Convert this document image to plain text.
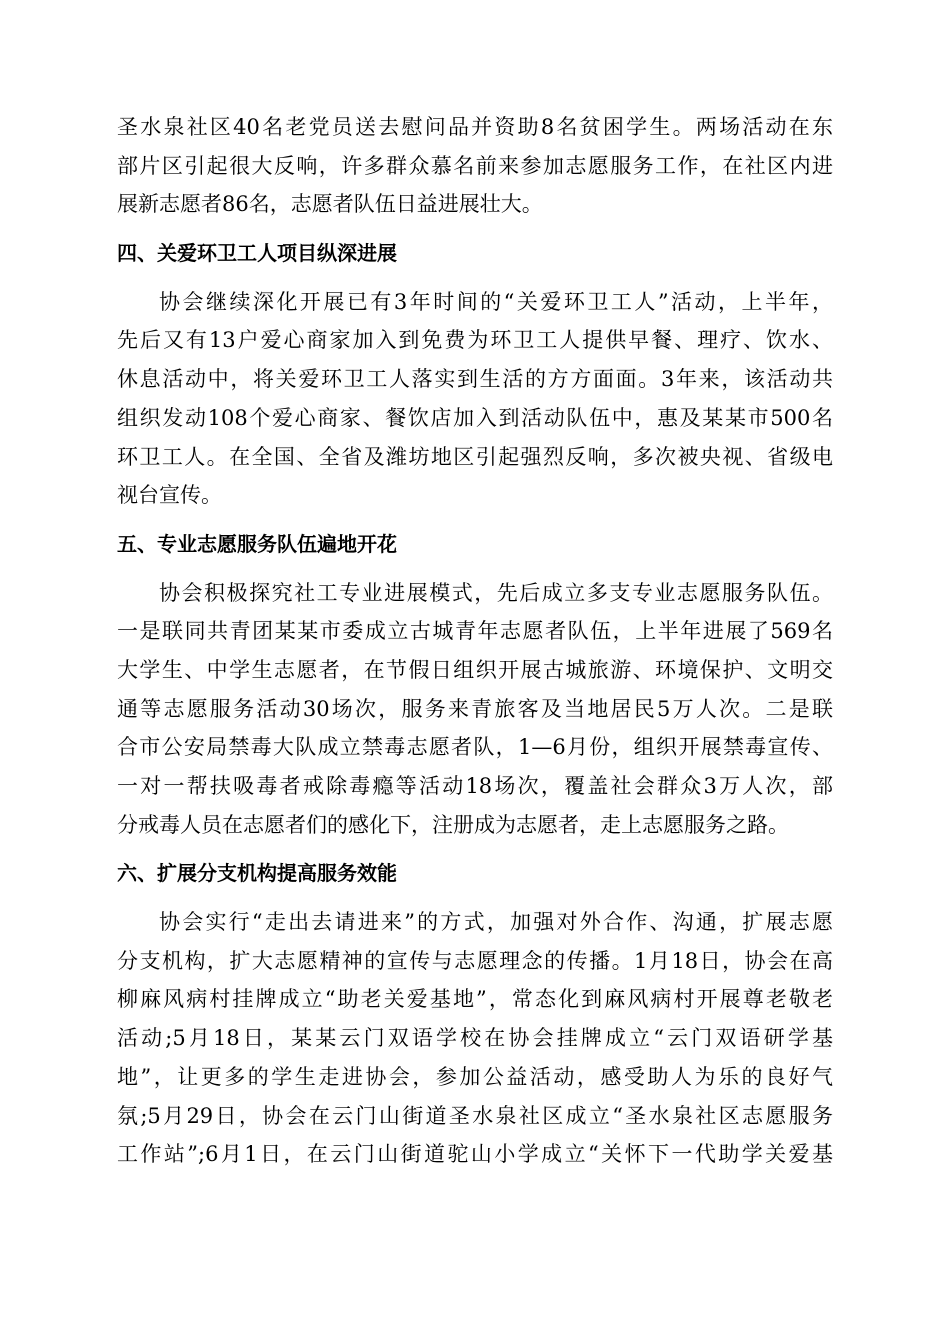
圣水泉社区40名老党员送去慰问品并资助8名贫困学生。两场活动在东
部片区引起很大反响，许多群众慕名前来参加志愿服务工作，在社区内进
展新志愿者86名，志愿者队伍日益进展壮大。
四、关爱环卫工人项目纵深进展
协会继续深化开展已有3年时间的“关爱环卫工人”活动，上半年，
先后又有13户爱心商家加入到免费为环卫工人提供早餐、理疗、饮水、
休息活动中，将关爱环卫工人落实到生活的方方面面。3年来，该活动共
组织发动108个爱心商家、餐饮店加入到活动队伍中，惠及某某市500名
环卫工人。在全国、全省及潍坊地区引起强烈反响，多次被央视、省级电
视台宣传。
五、专业志愿服务队伍遍地开花
协会积极探究社工专业进展模式，先后成立多支专业志愿服务队伍。
一是联同共青团某某市委成立古城青年志愿者队伍，上半年进展了569名
大学生、中学生志愿者，在节假日组织开展古城旅游、环境保护、文明交
通等志愿服务活动30场次，服务来青旅客及当地居民5万人次。二是联
合市公安局禁毒大队成立禁毒志愿者队，1—6月份，组织开展禁毒宣传、
一对一帮扶吸毒者戒除毒瘾等活动18场次，覆盖社会群众3万人次，部
分戒毒人员在志愿者们的感化下，注册成为志愿者，走上志愿服务之路。
六、扩展分支机构提高服务效能
协会实行“走出去请进来”的方式，加强对外合作、沟通，扩展志愿
分支机构，扩大志愿精神的宣传与志愿理念的传播。1月18日，协会在高
柳麻风病村挂牌成立“助老关爱基地”，常态化到麻风病村开展尊老敬老
活动;5月18日，某某云门双语学校在协会挂牌成立“云门双语研学基
地”，让更多的学生走进协会，参加公益活动，感受助人为乐的良好气
氛;5月29日，协会在云门山街道圣水泉社区成立“圣水泉社区志愿服务
工作站”;6月1日，在云门山街道驼山小学成立“关怀下一代助学关爱基
